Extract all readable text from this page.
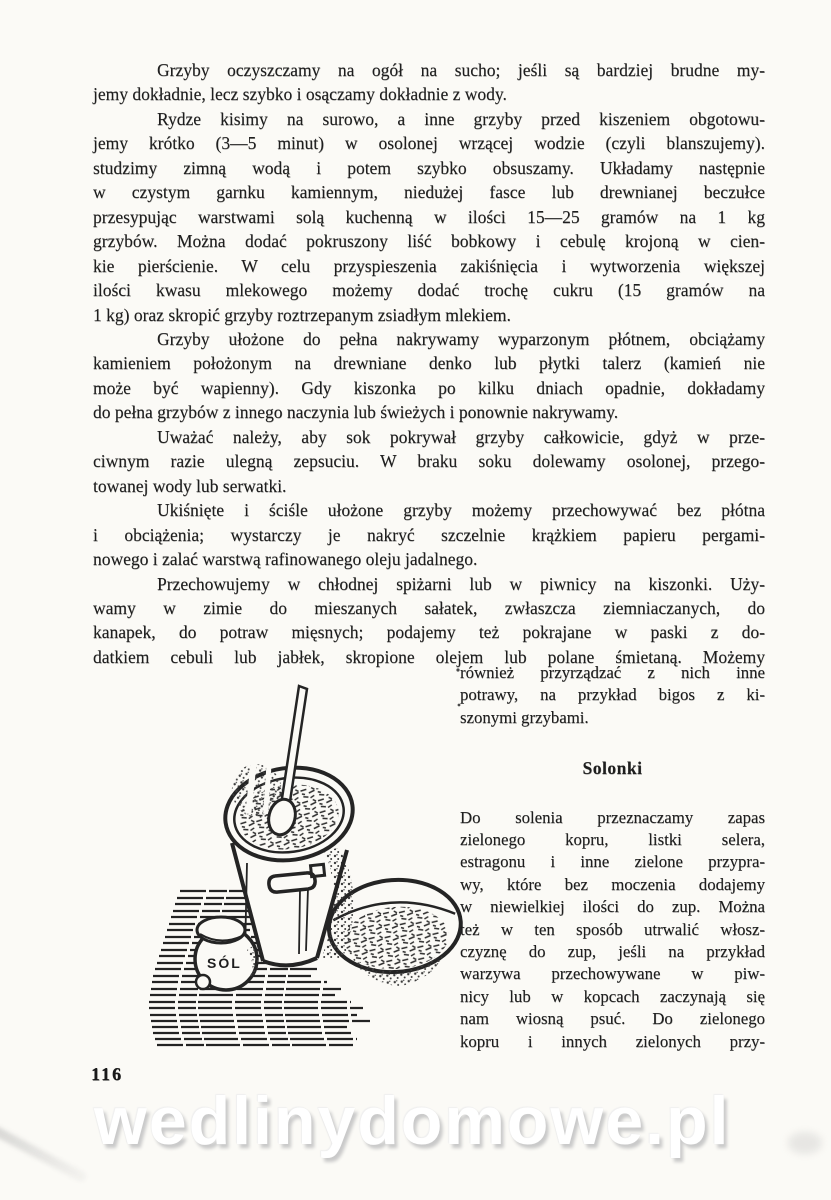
Grzyby oczyszczamy na ogół na sucho; jeśli są bardziej brudne my-
jemy dokładnie, lecz szybko i osączamy dokładnie z wody.
Rydze kisimy na surowo, a inne grzyby przed kiszeniem obgotowu-
jemy krótko (3—5 minut) w osolonej wrzącej wodzie (czyli blanszujemy).
studzimy zimną wodą i potem szybko obsuszamy. Układamy następnie
w czystym garnku kamiennym, niedużej fasce lub drewnianej beczułce
przesypując warstwami solą kuchenną w ilości 15—25 gramów na 1 kg
grzybów. Można dodać pokruszony liść bobkowy i cebulę krojoną w cien-
kie pierścienie. W celu przyspieszenia zakiśnięcia i wytworzenia większej
ilości kwasu mlekowego możemy dodać trochę cukru (15 gramów na
1 kg) oraz skropić grzyby roztrzepanym zsiadłym mlekiem.
Grzyby ułożone do pełna nakrywamy wyparzonym płótnem, obciążamy
kamieniem położonym na drewniane denko lub płytki talerz (kamień nie
może być wapienny). Gdy kiszonka po kilku dniach opadnie, dokładamy
do pełna grzybów z innego naczynia lub świeżych i ponownie nakrywamy.
Uważać należy, aby sok pokrywał grzyby całkowicie, gdyż w prze-
ciwnym razie ulegną zepsuciu. W braku soku dolewamy osolonej, przego-
towanej wody lub serwatki.
Ukiśnięte i ściśle ułożone grzyby możemy przechowywać bez płótna
i obciążenia; wystarczy je nakryć szczelnie krążkiem papieru pergami-
nowego i zalać warstwą rafinowanego oleju jadalnego.
Przechowujemy w chłodnej spiżarni lub w piwnicy na kiszonki. Uży-
wamy w zimie do mieszanych sałatek, zwłaszcza ziemniaczanych, do
kanapek, do potraw mięsnych; podajemy też pokrajane w paski z do-
datkiem cebuli lub jabłek, skropione olejem lub polane śmietaną. Możemy
SÓL
również przyrządzać z nich inne
potrawy, na przykład bigos z ki-
szonymi grzybami.
Solonki
Do solenia przeznaczamy zapas
zielonego kopru, listki selera,
estragonu i inne zielone przypra-
wy, które bez moczenia dodajemy
w niewielkiej ilości do zup. Można
też w ten sposób utrwalić włosz-
czyznę do zup, jeśli na przykład
warzywa przechowywane w piw-
nicy lub w kopcach zaczynają się
nam wiosną psuć. Do zielonego
kopru i innych zielonych przy-
116
wedlinydomowe.pl
